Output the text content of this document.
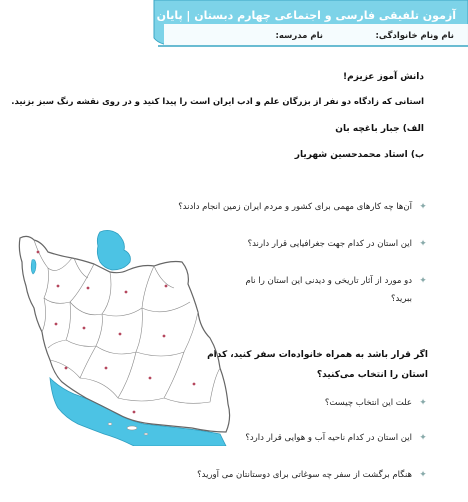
آزمون تلفیقی فارسی و اجتماعی چهارم دبستان | پایان اسفندماه
نام ونام خانوادگی:
نام مدرسه:
دانش آموز عزیزم!
استانی که زادگاه دو نفر از بزرگان علم و ادب ایران است را پیدا کنید و در روی نقشه رنگ سبز بزنید.
الف) جبار باغچه بان
ب) استاد محمدحسین شهریار
✦آن‌ها چه کارهای مهمی برای کشور و مردم ایران زمین انجام دادند؟
✦این استان در کدام جهت جغرافیایی قرار دارند؟
✦دو مورد از آثار تاریخی و دیدنی این استان را نام
ببرید؟
اگر قرار باشد به همراه خانواده‌ات سفر کنید، کدام
استان را انتخاب می‌کنید؟
✦علت این انتخاب چیست؟
✦این استان در کدام ناحیه آب و هوایی قرار دارد؟
✦هنگام برگشت از سفر چه سوغاتی برای دوستانتان می آورید؟
